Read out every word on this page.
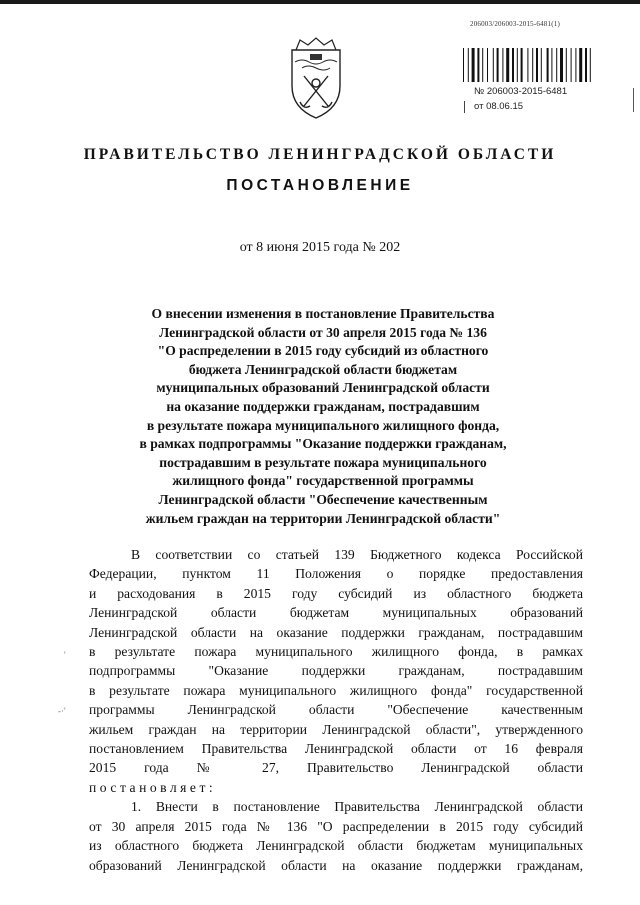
206003/206003-2015-6481(1)
№ 206003-2015-6481
от 08.06.15
ПРАВИТЕЛЬСТВО ЛЕНИНГРАДСКОЙ ОБЛАСТИ
ПОСТАНОВЛЕНИЕ
от 8 июня 2015 года № 202
О внесении изменения в постановление Правительства
Ленинградской области от 30 апреля 2015 года № 136
"О распределении в 2015 году субсидий из областного
бюджета Ленинградской области бюджетам
муниципальных образований Ленинградской области
на оказание поддержки гражданам, пострадавшим
в результате пожара муниципального жилищного фонда,
в рамках подпрограммы "Оказание поддержки гражданам,
пострадавшим в результате пожара муниципального
жилищного фонда" государственной программы
Ленинградской области "Обеспечение качественным
жильем граждан на территории Ленинградской области"
В соответствии со статьей 139 Бюджетного кодекса Российской
Федерации, пунктом 11 Положения о порядке предоставления
и расходования в 2015 году субсидий из областного бюджета
Ленинградской области бюджетам муниципальных образований
Ленинградской области на оказание поддержки гражданам, пострадавшим
в результате пожара муниципального жилищного фонда, в рамках
подпрограммы "Оказание поддержки гражданам, пострадавшим
в результате пожара муниципального жилищного фонда" государственной
программы Ленинградской области "Обеспечение качественным
жильем граждан на территории Ленинградской области", утвержденного
постановлением Правительства Ленинградской области от 16 февраля
2015 года № 27, Правительство Ленинградской области
постановляет:
1. Внести в постановление Правительства Ленинградской области
от 30 апреля 2015 года № 136 "О распределении в 2015 году субсидий
из областного бюджета Ленинградской области бюджетам муниципальных
образований Ленинградской области на оказание поддержки гражданам,
'
-·'
